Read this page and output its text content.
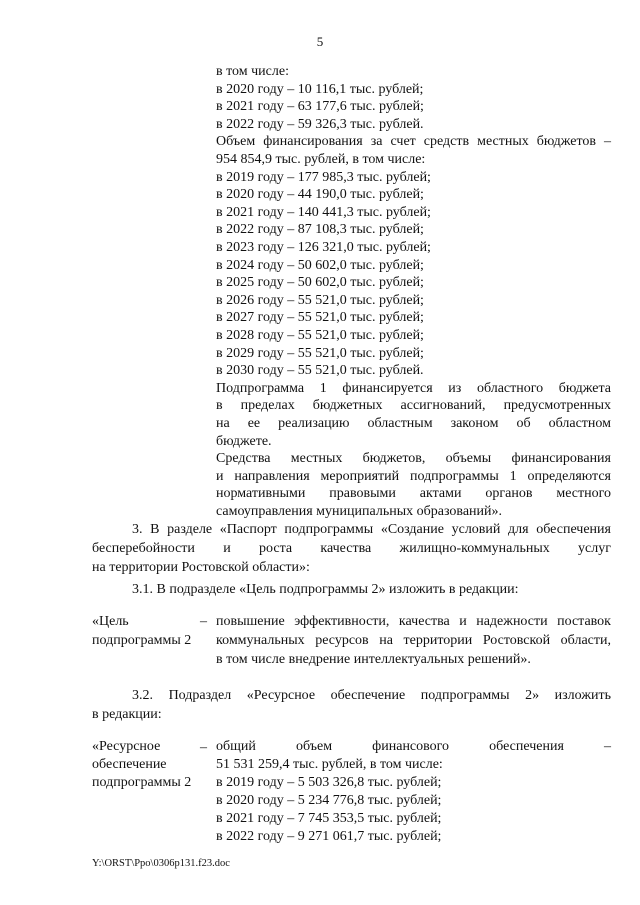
5
в том числе:
в 2020 году – 10 116,1 тыс. рублей;
в 2021 году – 63 177,6 тыс. рублей;
в 2022 году – 59 326,3 тыс. рублей.
Объем финансирования за счет средств местных бюджетов –
954 854,9 тыс. рублей, в том числе:
в 2019 году – 177 985,3 тыс. рублей;
в 2020 году – 44 190,0 тыс. рублей;
в 2021 году – 140 441,3 тыс. рублей;
в 2022 году – 87 108,3 тыс. рублей;
в 2023 году – 126 321,0 тыс. рублей;
в 2024 году – 50 602,0 тыс. рублей;
в 2025 году – 50 602,0 тыс. рублей;
в 2026 году – 55 521,0 тыс. рублей;
в 2027 году – 55 521,0 тыс. рублей;
в 2028 году – 55 521,0 тыс. рублей;
в 2029 году – 55 521,0 тыс. рублей;
в 2030 году – 55 521,0 тыс. рублей.
Подпрограмма 1 финансируется из областного бюджета
в пределах бюджетных ассигнований, предусмотренных
на ее реализацию областным законом об областном
бюджете.
Средства местных бюджетов, объемы финансирования
и направления мероприятий подпрограммы 1 определяются
нормативными правовыми актами органов местного
самоуправления муниципальных образований».
3. В разделе «Паспорт подпрограммы «Создание условий для обеспечения
бесперебойности и роста качества жилищно-коммунальных услуг
на территории Ростовской области»:
3.1. В подразделе «Цель подпрограммы 2» изложить в редакции:
«Цель
подпрограммы 2
– повышение эффективности, качества и надежности поставок
коммунальных ресурсов на территории Ростовской области,
в том числе внедрение интеллектуальных решений».
3.2. Подраздел «Ресурсное обеспечение подпрограммы 2» изложить
в редакции:
«Ресурсное
обеспечение
подпрограммы 2
– общий объем финансового обеспечения –
51 531 259,4 тыс. рублей, в том числе:
в 2019 году – 5 503 326,8 тыс. рублей;
в 2020 году – 5 234 776,8 тыс. рублей;
в 2021 году – 7 745 353,5 тыс. рублей;
в 2022 году – 9 271 061,7 тыс. рублей;
Y:\ORST\Ppo\0306p131.f23.doc
